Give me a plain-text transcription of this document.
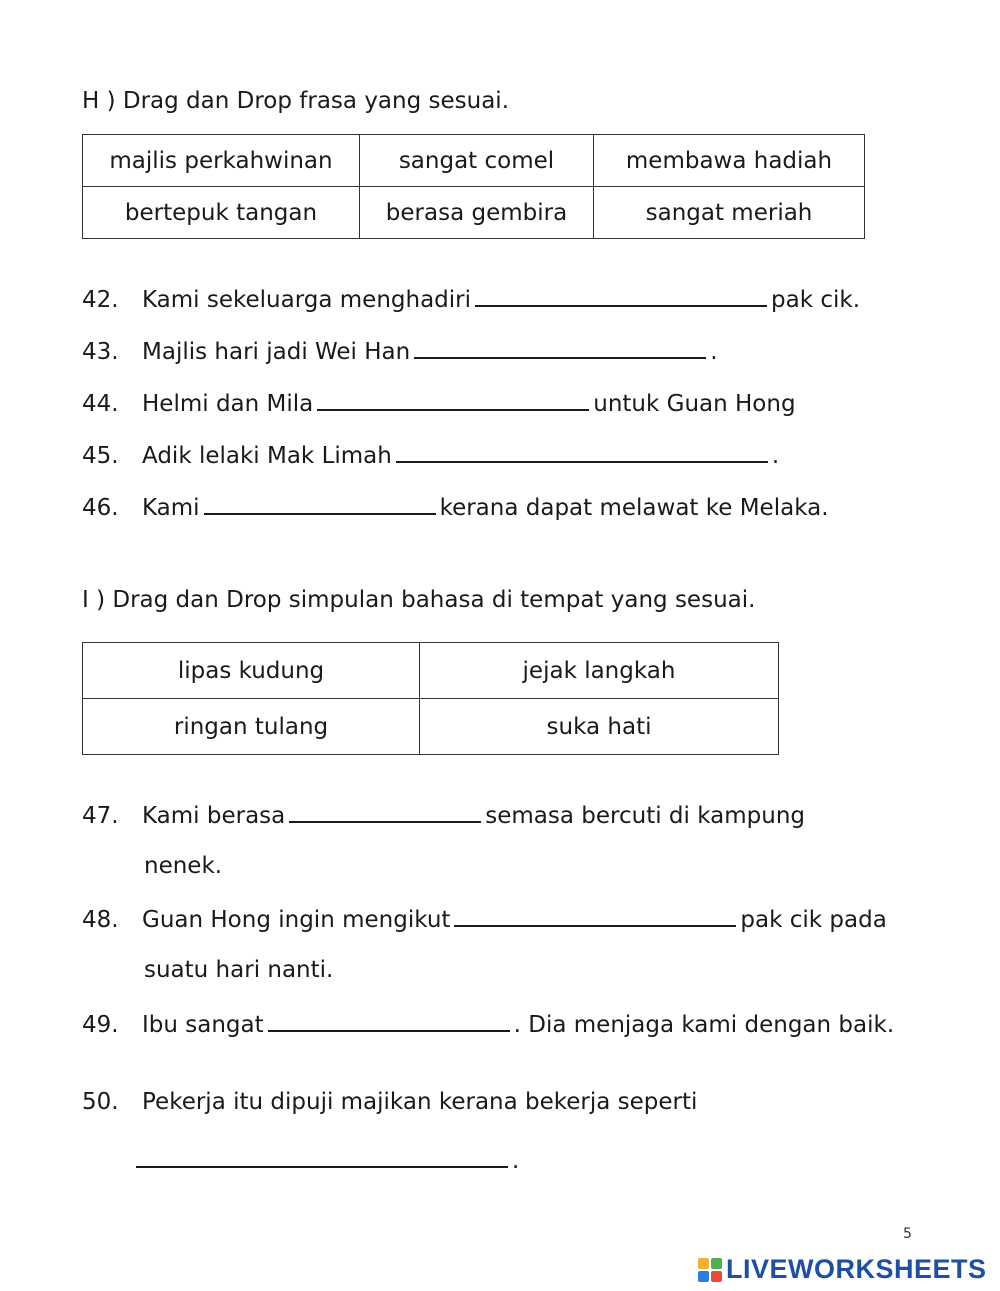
H ) Drag dan Drop frasa yang sesuai.
majlis perkahwinan	sangat comel	membawa hadiah
bertepuk tangan	berasa gembira	sangat meriah
42. Kami sekeluarga menghadiri	pak cik.
43. Majlis hari jadi Wei Han	.
44. Helmi dan Mila	untuk Guan Hong
45. Adik lelaki Mak Limah	.
46. Kami	kerana dapat melawat ke Melaka.
I ) Drag dan Drop simpulan bahasa di tempat yang sesuai.
lipas kudung	jejak langkah
ringan tulang	suka hati
47. Kami berasa	semasa bercuti di kampung
nenek.
48. Guan Hong ingin mengikut	pak cik pada
suatu hari nanti.
49. Ibu sangat	. Dia menjaga kami dengan baik.
50. Pekerja itu dipuji majikan kerana bekerja seperti
.
5
LIVEWORKSHEETS
